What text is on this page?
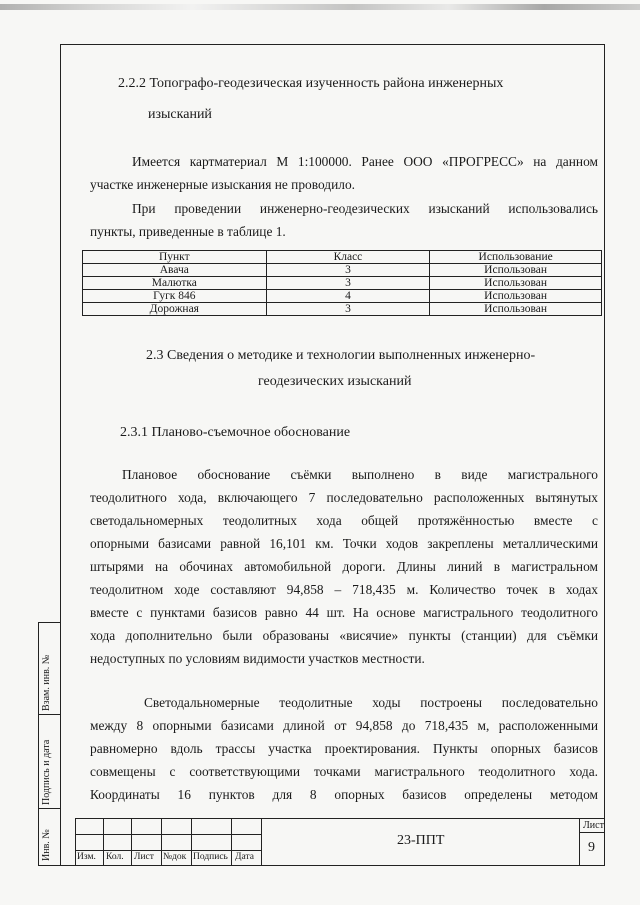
2.2.2 Топографо-геодезическая изученность района инженерных
изысканий
Имеется картматериал М 1:100000. Ранее ООО «ПРОГРЕСС» на данном
участке инженерные изыскания не проводило.
При проведении инженерно-геодезических изысканий использовались
пункты, приведенные в таблице 1.
Пункт	Класс	Использование
Авача	3	Использован
Малютка	3	Использован
Гугк 846	4	Использован
Дорожная	3	Использован
2.3 Сведения о методике и технологии выполненных инженерно-
геодезических изысканий
2.3.1 Планово-съемочное обоснование
Плановое обоснование съёмки выполнено в виде магистрального
теодолитного хода, включающего 7 последовательно расположенных вытянутых
светодальномерных теодолитных хода общей протяжённостью вместе с
опорными базисами равной 16,101 км. Точки ходов закреплены металлическими
штырями на обочинах автомобильной дороги. Длины линий в магистральном
теодолитном ходе составляют 94,858 – 718,435 м. Количество точек в ходах
вместе с пунктами базисов равно 44 шт. На основе магистрального теодолитного
хода дополнительно были образованы «висячие» пункты (станции) для съёмки
недоступных по условиям видимости участков местности.
Светодальномерные теодолитные ходы построены последовательно
между 8 опорными базисами длиной от 94,858 до 718,435 м, расположенными
равномерно вдоль трассы участка проектирования. Пункты опорных базисов
совмещены с соответствующими точками магистрального теодолитного хода.
Координаты 16 пунктов для 8 опорных базисов определены методом
Взам. инв. №
Подпись и дата
Инв. №	Изм. Кол. Лист №док Подпись Дата
23-ППТ
Лист
9
